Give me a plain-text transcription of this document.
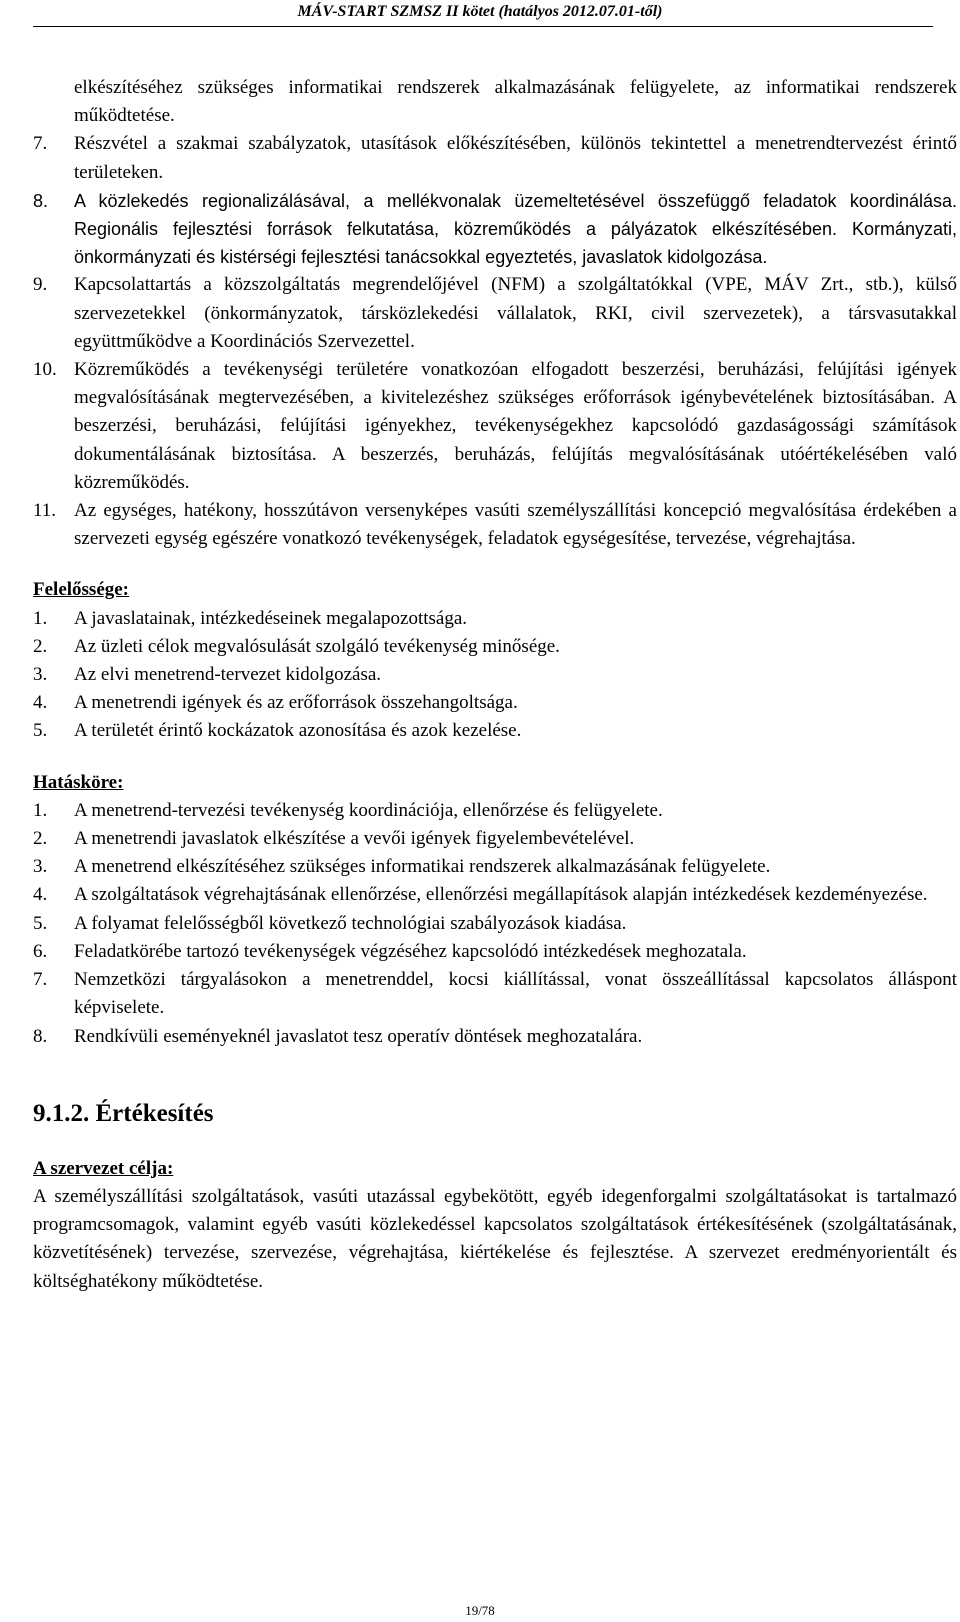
MÁV-START SZMSZ II kötet (hatályos 2012.07.01-től)
elkészítéséhez szükséges informatikai rendszerek alkalmazásának felügyelete, az informatikai rendszerek működtetése.
7. Részvétel a szakmai szabályzatok, utasítások előkészítésében, különös tekintettel a menetrendtervezést érintő területeken.
8. A közlekedés regionalizálásával, a mellékvonalak üzemeltetésével összefüggő feladatok koordinálása. Regionális fejlesztési források felkutatása, közreműködés a pályázatok elkészítésében. Kormányzati, önkormányzati és kistérségi fejlesztési tanácsokkal egyeztetés, javaslatok kidolgozása.
9. Kapcsolattartás a közszolgáltatás megrendelőjével (NFM) a szolgáltatókkal (VPE, MÁV Zrt., stb.), külső szervezetekkel (önkormányzatok, társközlekedési vállalatok, RKI, civil szervezetek), a társvasutakkal együttműködve a Koordinációs Szervezettel.
10. Közreműködés a tevékenységi területére vonatkozóan elfogadott beszerzési, beruházási, felújítási igények megvalósításának megtervezésében, a kivitelezéshez szükséges erőforrások igénybevételének biztosításában. A beszerzési, beruházási, felújítási igényekhez, tevékenységekhez kapcsolódó gazdaságossági számítások dokumentálásának biztosítása. A beszerzés, beruházás, felújítás megvalósításának utóértékelésében való közreműködés.
11. Az egységes, hatékony, hosszútávon versenyképes vasúti személyszállítási koncepció megvalósítása érdekében a szervezeti egység egészére vonatkozó tevékenységek, feladatok egységesítése, tervezése, végrehajtása.
Felelőssége:
1. A javaslatainak, intézkedéseinek megalapozottsága.
2. Az üzleti célok megvalósulását szolgáló tevékenység minősége.
3. Az elvi menetrend-tervezet kidolgozása.
4. A menetrendi igények és az erőforrások összehangoltsága.
5. A területét érintő kockázatok azonosítása és azok kezelése.
Hatásköre:
1. A menetrend-tervezési tevékenység koordinációja, ellenőrzése és felügyelete.
2. A menetrendi javaslatok elkészítése a vevői igények figyelembevételével.
3. A menetrend elkészítéséhez szükséges informatikai rendszerek alkalmazásának felügyelete.
4. A szolgáltatások végrehajtásának ellenőrzése, ellenőrzési megállapítások alapján intézkedések kezdeményezése.
5. A folyamat felelősségből következő technológiai szabályozások kiadása.
6. Feladatkörébe tartozó tevékenységek végzéséhez kapcsolódó intézkedések meghozatala.
7. Nemzetközi tárgyalásokon a menetrenddel, kocsi kiállítással, vonat összeállítással kapcsolatos álláspont képviselete.
8. Rendkívüli eseményeknél javaslatot tesz operatív döntések meghozatalára.
9.1.2. Értékesítés
A szervezet célja:
A személyszállítási szolgáltatások, vasúti utazással egybekötött, egyéb idegenforgalmi szolgáltatásokat is tartalmazó programcsomagok, valamint egyéb vasúti közlekedéssel kapcsolatos szolgáltatások értékesítésének (szolgáltatásának, közvetítésének) tervezése, szervezése, végrehajtása, kiértékelése és fejlesztése. A szervezet eredményorientált és költséghatékony működtetése.
19/78
